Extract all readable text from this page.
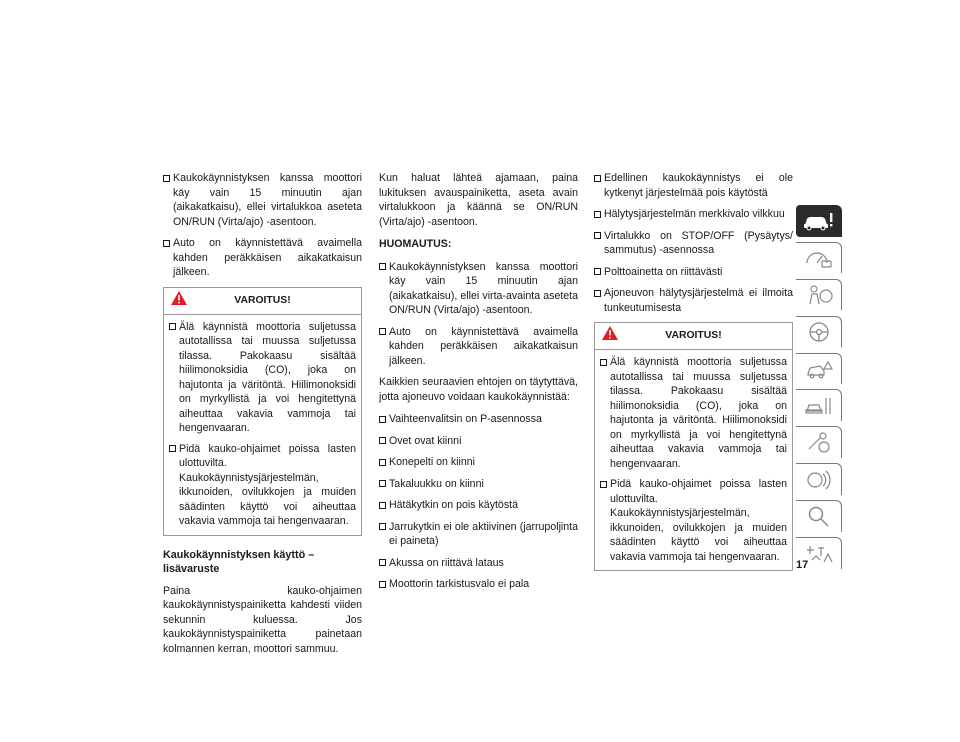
Kaukokäynnistyksen kanssa moottori käy vain 15 minuutin ajan (aikakatkaisu), ellei virtalukkoa aseteta ON/RUN (Virta/ajo) -asentoon.
Auto on käynnistettävä avaimella kahden peräkkäisen aikakatkaisun jälkeen.
VAROITUS!
Älä käynnistä moottoria suljetussa autotallissa tai muussa suljetussa tilassa. Pakokaasu sisältää hiilimonoksidia (CO), joka on hajutonta ja väritöntä. Hiilimonoksidi on myrkyllistä ja voi hengitettynä aiheuttaa vakavia vammoja tai hengenvaaran.
Pidä kauko-ohjaimet poissa lasten ulottuvilta. Kaukokäynnistysjärjestelmän, ikkunoiden, ovilukkojen ja muiden säädinten käyttö voi aiheuttaa vakavia vammoja tai hengenvaaran.
Kaukokäynnistyksen käyttö – lisävaruste
Paina kauko-ohjaimen kaukokäynnistyspainiketta kahdesti viiden sekunnin kuluessa. Jos kaukokäynnistyspainiketta painetaan kolmannen kerran, moottori sammuu.
Kun haluat lähteä ajamaan, paina lukituksen avauspainiketta, aseta avain virtalukkoon ja käännä se ON/RUN (Virta/ajo) -asentoon.
HUOMAUTUS:
Kaukokäynnistyksen kanssa moottori käy vain 15 minuutin ajan (aikakatkaisu), ellei virta-avainta aseteta ON/RUN (Virta/ajo) -asentoon.
Auto on käynnistettävä avaimella kahden peräkkäisen aikakatkaisun jälkeen.
Kaikkien seuraavien ehtojen on täytyttävä, jotta ajoneuvo voidaan kaukokäynnistää:
Vaihteenvalitsin on P-asennossa
Ovet ovat kiinni
Konepelti on kiinni
Takaluukku on kiinni
Hätäkytkin on pois käytöstä
Jarrukytkin ei ole aktiivinen (jarrupoljinta ei paineta)
Akussa on riittävä lataus
Moottorin tarkistusvalo ei pala
Edellinen kaukokäynnistys ei ole kytkenyt järjestelmää pois käytöstä
Hälytysjärjestelmän merkkivalo vilkkuu
Virtalukko on STOP/OFF (Pysäytys/ sammutus) -asennossa
Polttoainetta on riittävästi
Ajoneuvon hälytysjärjestelmä ei ilmoita tunkeutumisesta
VAROITUS!
Älä käynnistä moottoria suljetussa autotallissa tai muussa suljetussa tilassa. Pakokaasu sisältää hiilimonoksidia (CO), joka on hajutonta ja väritöntä. Hiilimonoksidi on myrkyllistä ja voi hengitettynä aiheuttaa vakavia vammoja tai hengenvaaran.
Pidä kauko-ohjaimet poissa lasten ulottuvilta. Kaukokäynnistysjärjestelmän, ikkunoiden, ovilukkojen ja muiden säädinten käyttö voi aiheuttaa vakavia vammoja tai hengenvaaran.
17
